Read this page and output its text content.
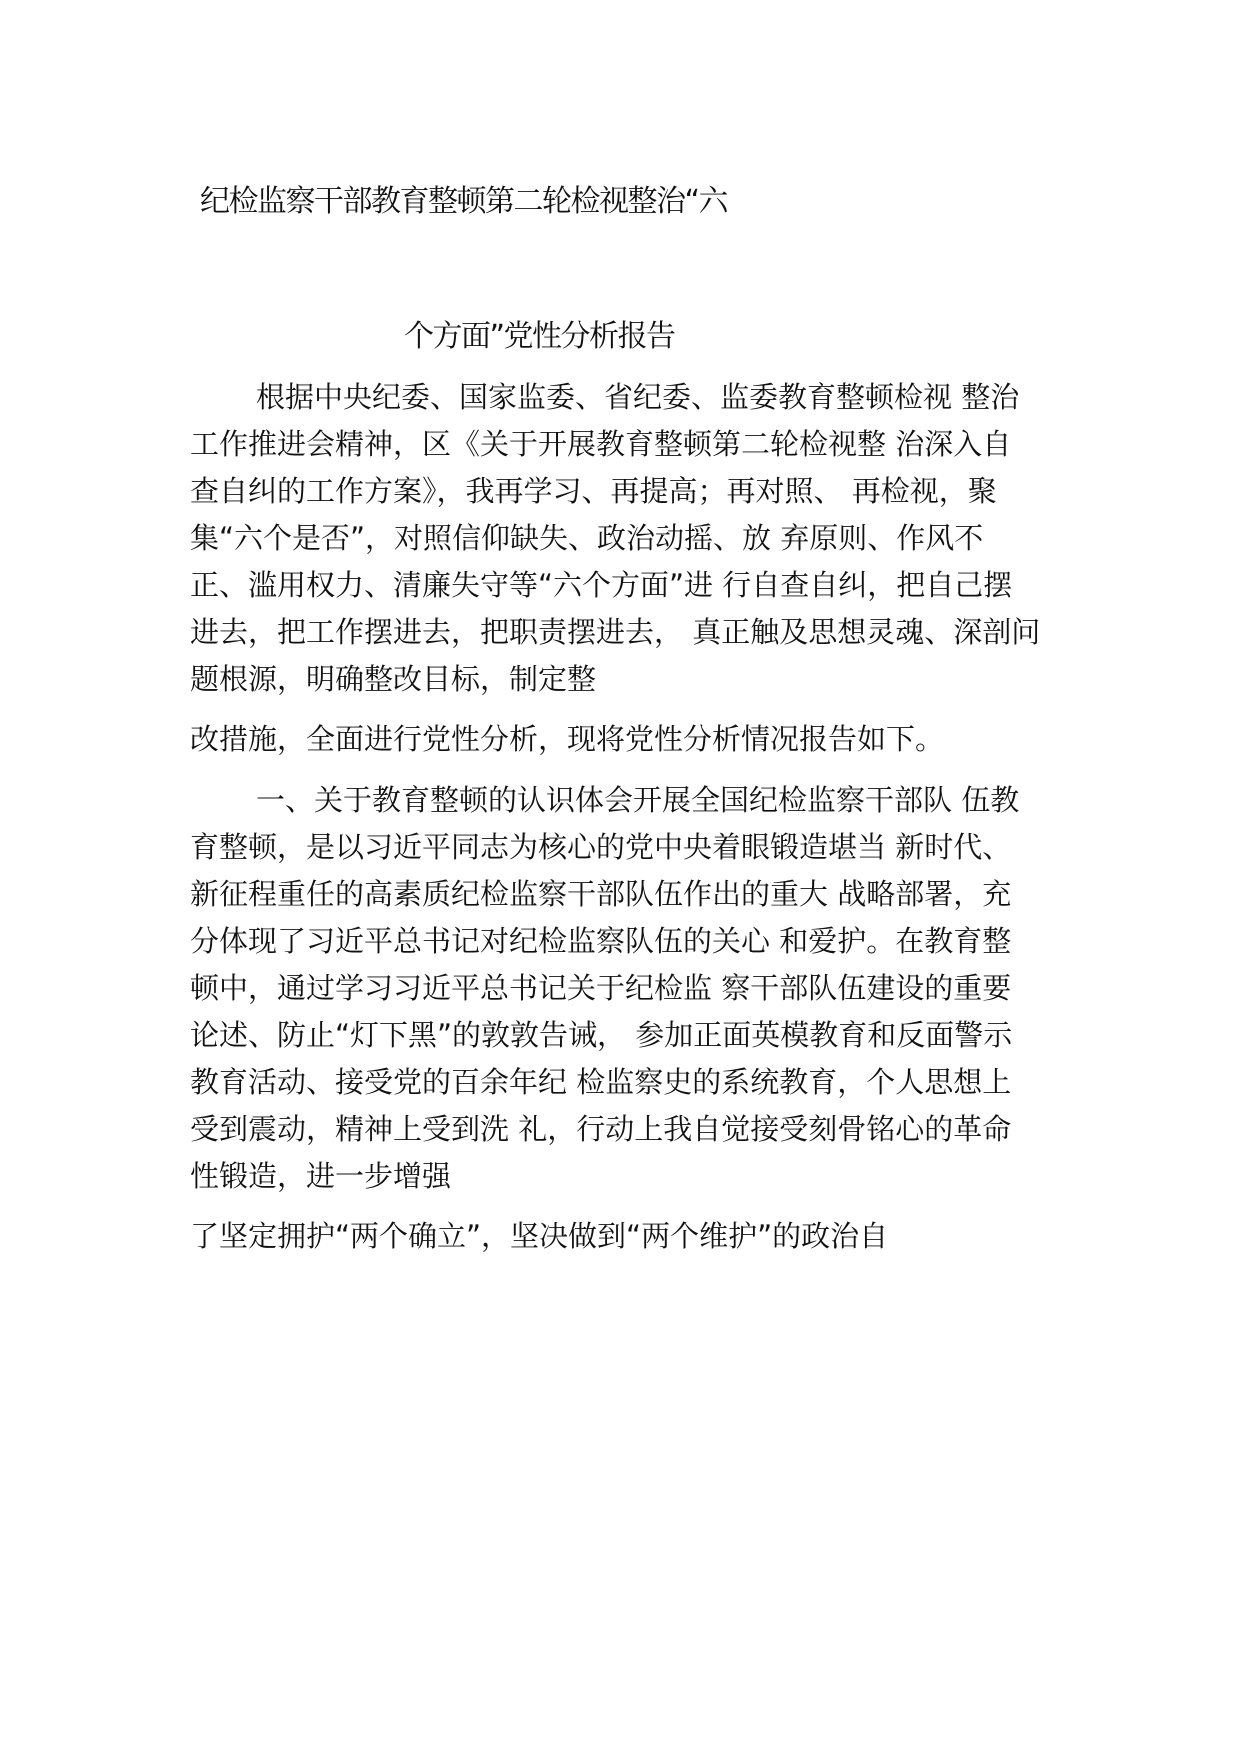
纪检监察干部教育整顿第二轮检视整治“六
个方面”党性分析报告
根据中央纪委、国家监委、省纪委、监委教育整顿检视 整治
工作推进会精神，区《关于开展教育整顿第二轮检视整 治深入自
查自纠的工作方案》，我再学习、再提高；再对照、 再检视，聚
集“六个是否”，对照信仰缺失、政治动摇、放 弃原则、作风不
正、滥用权力、清廉失守等“六个方面”进 行自查自纠，把自己摆
进去，把工作摆进去，把职责摆进去， 真正触及思想灵魂、深剖问
题根源，明确整改目标，制定整
改措施，全面进行党性分析，现将党性分析情况报告如下。
一、关于教育整顿的认识体会开展全国纪检监察干部队 伍教
育整顿，是以习近平同志为核心的党中央着眼锻造堪当 新时代、
新征程重任的高素质纪检监察干部队伍作出的重大 战略部署，充
分体现了习近平总书记对纪检监察队伍的关心 和爱护。在教育整
顿中，通过学习习近平总书记关于纪检监 察干部队伍建设的重要
论述、防止“灯下黑”的敦敦告诫， 参加正面英模教育和反面警示
教育活动、接受党的百余年纪 检监察史的系统教育，个人思想上
受到震动，精神上受到洗 礼，行动上我自觉接受刻骨铭心的革命
性锻造，进一步增强
了坚定拥护“两个确立”，坚决做到“两个维护”的政治自
